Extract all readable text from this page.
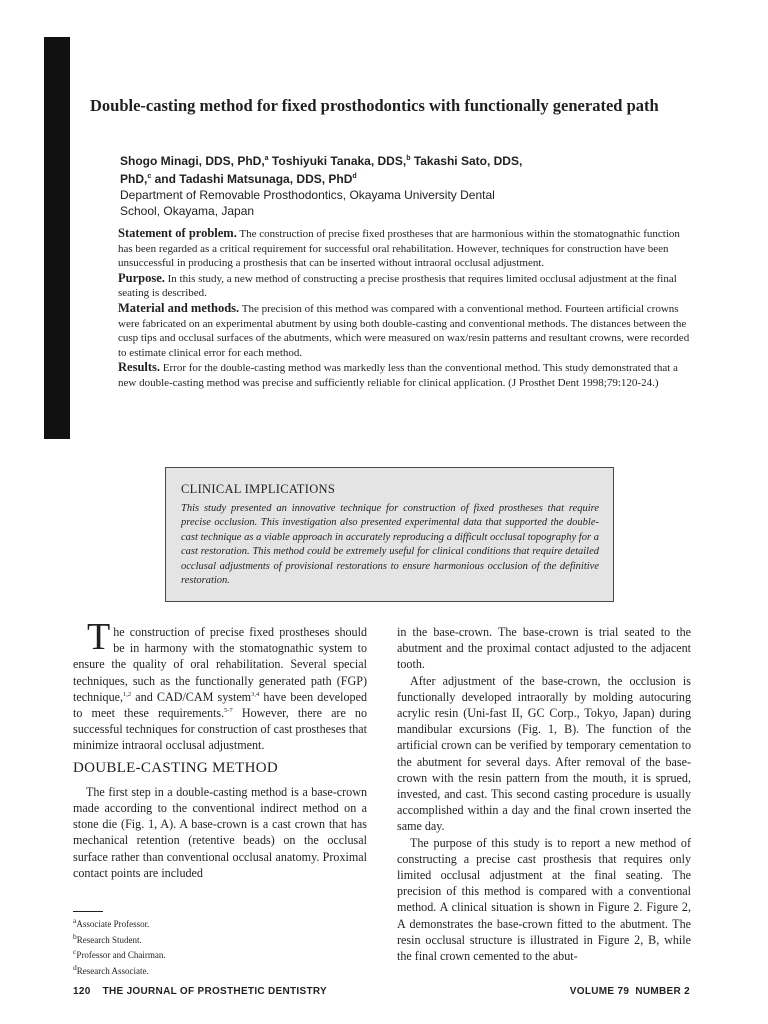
Double-casting method for fixed prosthodontics with functionally generated path
Shogo Minagi, DDS, PhD,$^a$ Toshiyuki Tanaka, DDS,$^b$ Takashi Sato, DDS,
PhD,$^c$ and Tadashi Matsunaga, DDS, PhD$^d$
Department of Removable Prosthodontics, Okayama University Dental
School, Okayama, Japan

Statement of problem. The construction of precise fixed prostheses that are harmonious within the stomatognathic function has been regarded as a critical requirement for successful oral rehabilitation. However, techniques for construction have been unsuccessful in producing a prosthesis that can be inserted without intraoral occlusal adjustment.

Purpose. In this study, a new method of constructing a precise prosthesis that requires limited occlusal adjustment at the final seating is described.

Material and methods. The precision of this method was compared with a conventional method. Fourteen artificial crowns were fabricated on an experimental abutment by using both double-casting and conventional methods. The distances between the cusp tips and occlusal surfaces of the abutments, which were measured on wax/resin patterns and resultant crowns, were recorded to estimate clinical error for each method.

Results. Error for the double-casting method was markedly less than the conventional method. This study demonstrated that a new double-casting method was precise and sufficiently reliable for clinical application. (J Prosthet Dent 1998;79:120-24.)

CLINICAL IMPLICATIONS
This study presented an innovative technique for construction of fixed prostheses that require precise occlusion. This investigation also presented experimental data that supported the double-cast technique as a viable approach in accurately reproducing a difficult occlusal topography for a cast restoration. This method could be extremely useful for clinical conditions that require detailed occlusal adjustments of provisional restorations to ensure harmonious occlusion of the definitive restoration.

The construction of precise fixed prostheses should be in harmony with the stomatognathic system to ensure the quality of oral rehabilitation. Several special techniques, such as the functionally generated path (FGP) technique,$^{1,2}$ and CAD/CAM system$^{3,4}$ have been developed to meet these requirements.$^{5-7}$ However, there are no successful techniques for construction of cast prostheses that minimize intraoral occlusal adjustment.

DOUBLE-CASTING METHOD

The first step in a double-casting method is a base-crown made according to the conventional indirect method on a stone die (Fig. 1, A). A base-crown is a cast crown that has mechanical retention (retentive beads) on the occlusal surface rather than conventional occlusal anatomy. Proximal contact points are included

in the base-crown. The base-crown is trial seated to the abutment and the proximal contact adjusted to the adjacent tooth.

After adjustment of the base-crown, the occlusion is functionally developed intraorally by molding autocuring acrylic resin (Uni-fast II, GC Corp., Tokyo, Japan) during mandibular excursions (Fig. 1, B). The function of the artificial crown can be verified by temporary cementation to the abutment for several days. After removal of the base-crown with the resin pattern from the mouth, it is sprued, invested, and cast. This second casting procedure is usually accomplished within a day and the final crown inserted the same day.

The purpose of this study is to report a new method of constructing a precise cast prosthesis that requires only limited occlusal adjustment at the final seating. The precision of this method is compared with a conventional method. A clinical situation is shown in Figure 2. Figure 2, A demonstrates the base-crown fitted to the abutment. The resin occlusal structure is illustrated in Figure 2, B, while the final crown cemented to the abut-

$^a$Associate Professor.
$^b$Research Student.
$^c$Professor and Chairman.
$^d$Research Associate.
120 THE JOURNAL OF PROSTHETIC DENTISTRY	VOLUME 79 NUMBER 2
